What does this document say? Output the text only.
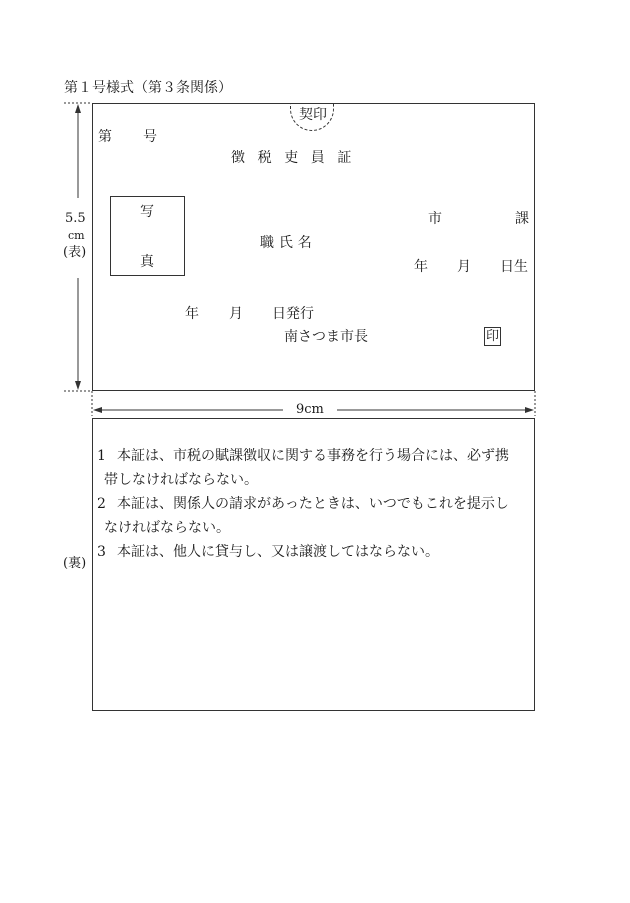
第１号様式（第３条関係）
5.5
cm
(表)
9cm
(裏)
契印
第 号
徴税吏員証
写
真
市	課
職氏名
年 月 日生
年 月 日発行
南さつま市長	印
1 本証は、市税の賦課徴収に関する事務を行う場合には、必ず携
帯しなければならない。
2 本証は、関係人の請求があったときは、いつでもこれを提示し
なければならない。
3 本証は、他人に貸与し、又は譲渡してはならない。
